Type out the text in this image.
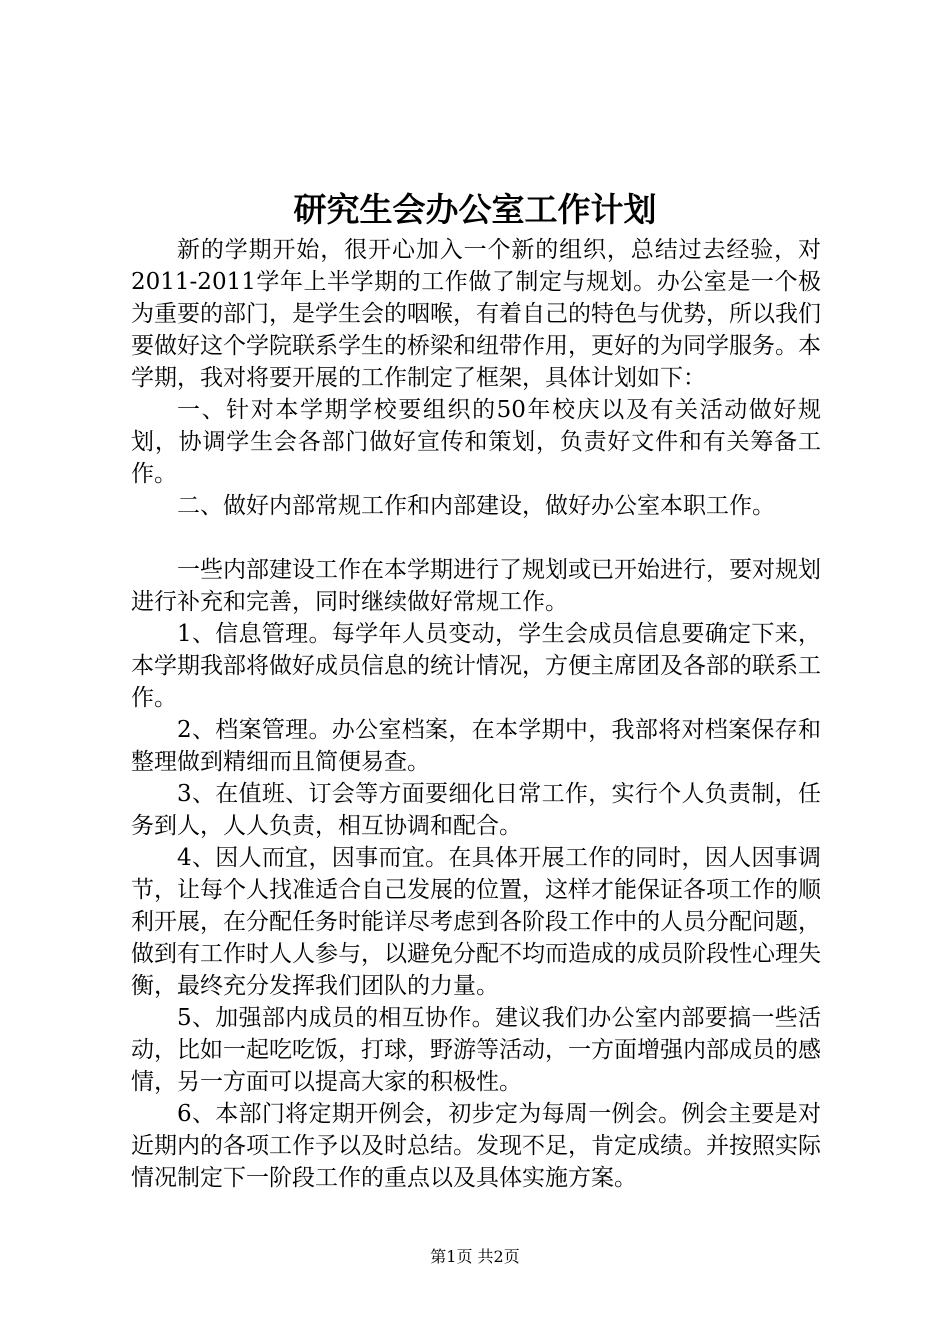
研究生会办公室工作计划

新的学期开始，很开心加入一个新的组织，总结过去经验，对2011-2011学年上半学期的工作做了制定与规划。办公室是一个极为重要的部门，是学生会的咽喉，有着自己的特色与优势，所以我们要做好这个学院联系学生的桥梁和纽带作用，更好的为同学服务。本学期，我对将要开展的工作制定了框架，具体计划如下：

一、针对本学期学校要组织的50年校庆以及有关活动做好规划，协调学生会各部门做好宣传和策划，负责好文件和有关筹备工作。

二、做好内部常规工作和内部建设，做好办公室本职工作。

一些内部建设工作在本学期进行了规划或已开始进行，要对规划进行补充和完善，同时继续做好常规工作。

1、信息管理。每学年人员变动，学生会成员信息要确定下来，本学期我部将做好成员信息的统计情况，方便主席团及各部的联系工作。

2、档案管理。办公室档案，在本学期中，我部将对档案保存和整理做到精细而且简便易查。

3、在值班、订会等方面要细化日常工作，实行个人负责制，任务到人，人人负责，相互协调和配合。

4、因人而宜，因事而宜。在具体开展工作的同时，因人因事调节，让每个人找准适合自己发展的位置，这样才能保证各项工作的顺利开展，在分配任务时能详尽考虑到各阶段工作中的人员分配问题，做到有工作时人人参与，以避免分配不均而造成的成员阶段性心理失衡，最终充分发挥我们团队的力量。

5、加强部内成员的相互协作。建议我们办公室内部要搞一些活动，比如一起吃吃饭，打球，野游等活动，一方面增强内部成员的感情，另一方面可以提高大家的积极性。

6、本部门将定期开例会，初步定为每周一例会。例会主要是对近期内的各项工作予以及时总结。发现不足，肯定成绩。并按照实际情况制定下一阶段工作的重点以及具体实施方案。

第1页 共2页
